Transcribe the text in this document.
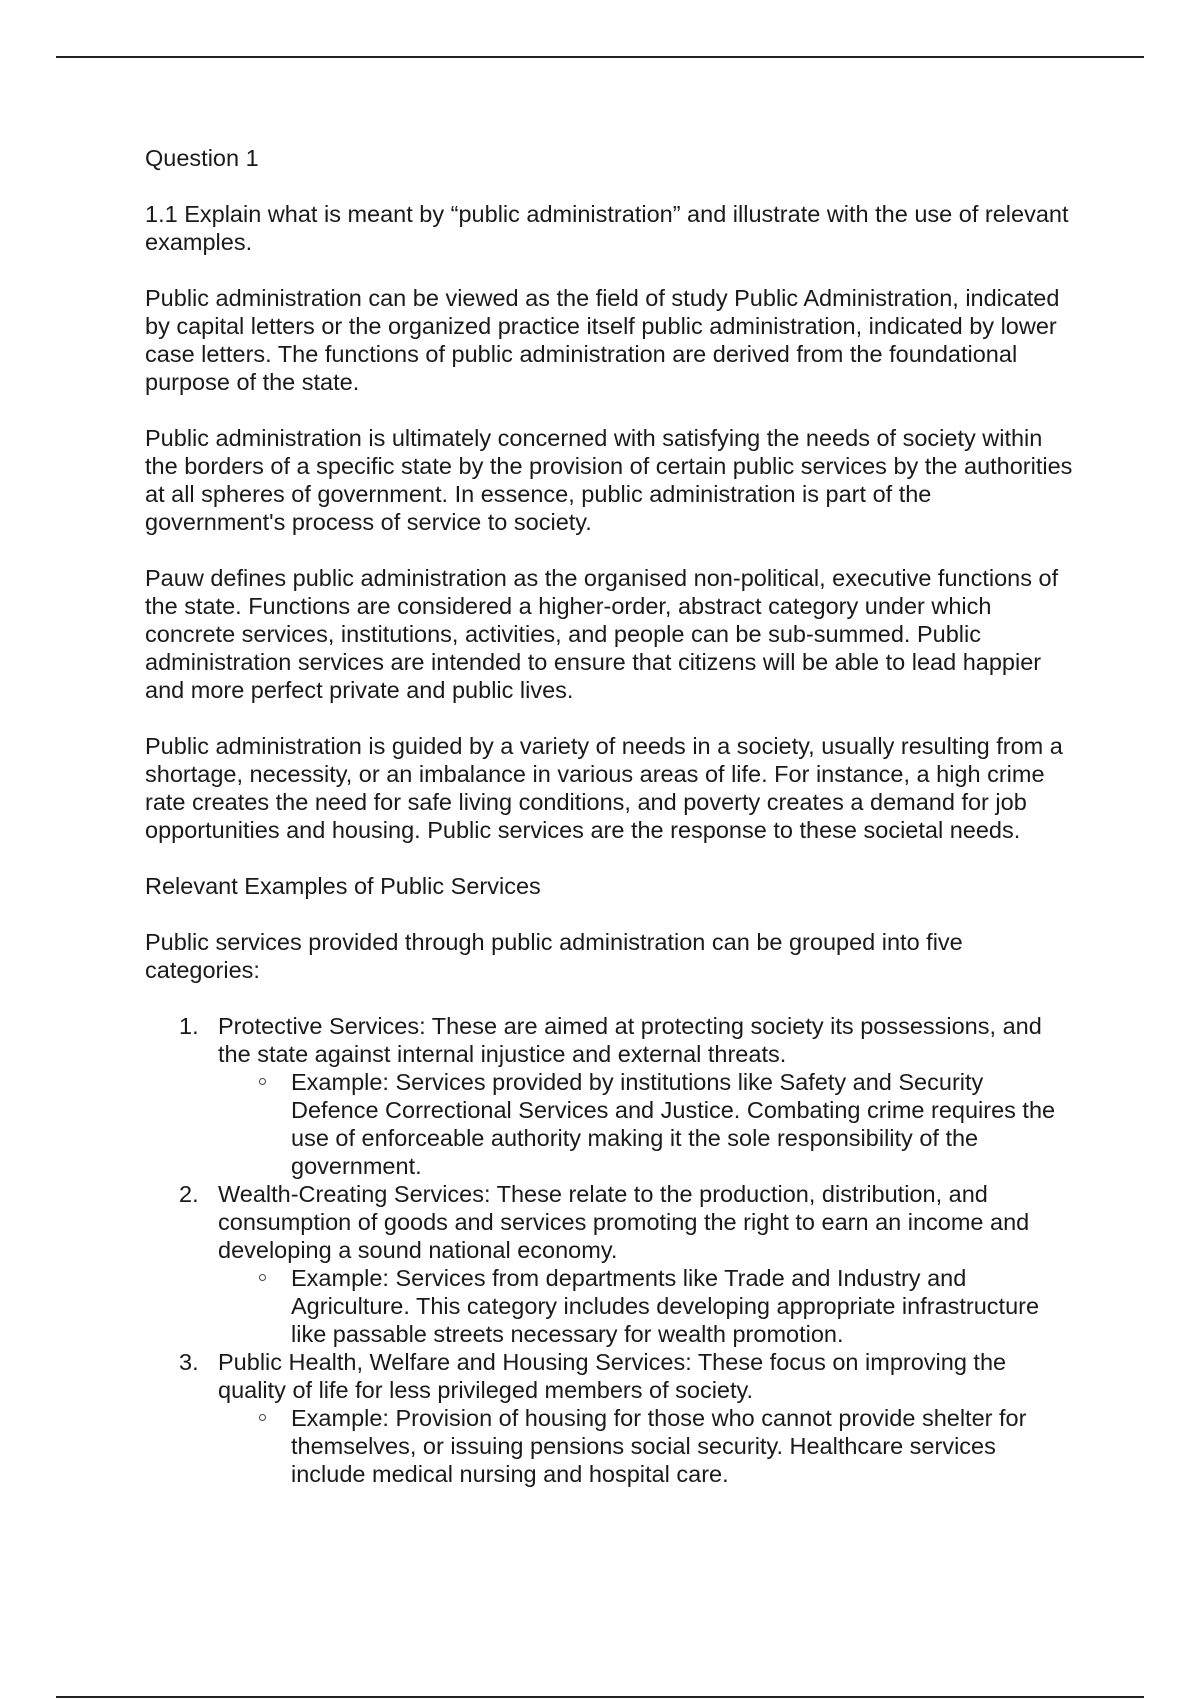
Question 1

1.1 Explain what is meant by “public administration” and illustrate with the use of relevant examples.

Public administration can be viewed as the field of study Public Administration, indicated by capital letters or the organized practice itself public administration, indicated by lower case letters. The functions of public administration are derived from the foundational purpose of the state.

Public administration is ultimately concerned with satisfying the needs of society within the borders of a specific state by the provision of certain public services by the authorities at all spheres of government. In essence, public administration is part of the government's process of service to society.

Pauw defines public administration as the organised non-political, executive functions of the state. Functions are considered a higher-order, abstract category under which concrete services, institutions, activities, and people can be sub-summed. Public administration services are intended to ensure that citizens will be able to lead happier and more perfect private and public lives.

Public administration is guided by a variety of needs in a society, usually resulting from a shortage, necessity, or an imbalance in various areas of life. For instance, a high crime rate creates the need for safe living conditions, and poverty creates a demand for job opportunities and housing. Public services are the response to these societal needs.

Relevant Examples of Public Services

Public services provided through public administration can be grouped into five categories:

1. Protective Services: These are aimed at protecting society its possessions, and the state against internal injustice and external threats.
Example: Services provided by institutions like Safety and Security Defence Correctional Services and Justice. Combating crime requires the use of enforceable authority making it the sole responsibility of the government.
2. Wealth-Creating Services: These relate to the production, distribution, and consumption of goods and services promoting the right to earn an income and developing a sound national economy.
Example: Services from departments like Trade and Industry and Agriculture. This category includes developing appropriate infrastructure like passable streets necessary for wealth promotion.
3. Public Health, Welfare and Housing Services: These focus on improving the quality of life for less privileged members of society.
Example: Provision of housing for those who cannot provide shelter for themselves, or issuing pensions social security. Healthcare services include medical nursing and hospital care.
